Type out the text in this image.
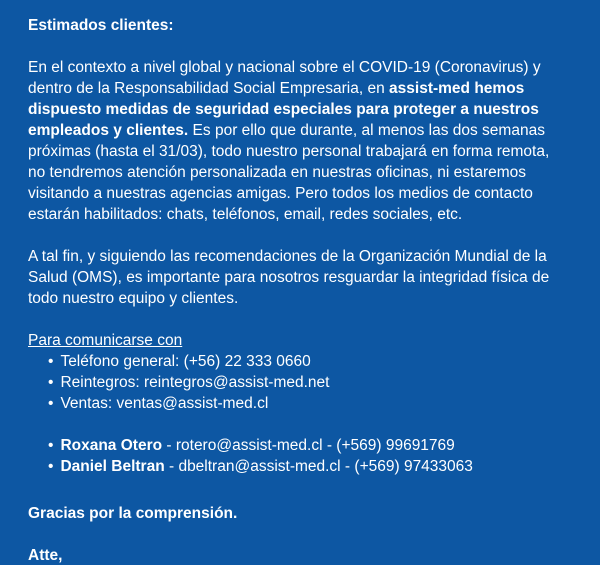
Estimados clientes:

En el contexto a nivel global y nacional sobre el COVID-19 (Coronavirus) y dentro de la Responsabilidad Social Empresaria, en assist-med hemos dispuesto medidas de seguridad especiales para proteger a nuestros empleados y clientes. Es por ello que durante, al menos las dos semanas próximas (hasta el 31/03), todo nuestro personal trabajará en forma remota, no tendremos atención personalizada en nuestras oficinas, ni estaremos visitando a nuestras agencias amigas. Pero todos los medios de contacto estarán habilitados: chats, teléfonos, email, redes sociales, etc.

A tal fin, y siguiendo las recomendaciones de la Organización Mundial de la Salud (OMS), es importante para nosotros resguardar la integridad física de todo nuestro equipo y clientes.

Para comunicarse con
• Teléfono general: (+56) 22 333 0660
• Reintegros: reintegros@assist-med.net
• Ventas: ventas@assist-med.cl
• Roxana Otero - rotero@assist-med.cl - (+569) 99691769
• Daniel Beltran - dbeltran@assist-med.cl - (+569) 97433063
Gracias por la comprensión.
Atte,
assist-med
